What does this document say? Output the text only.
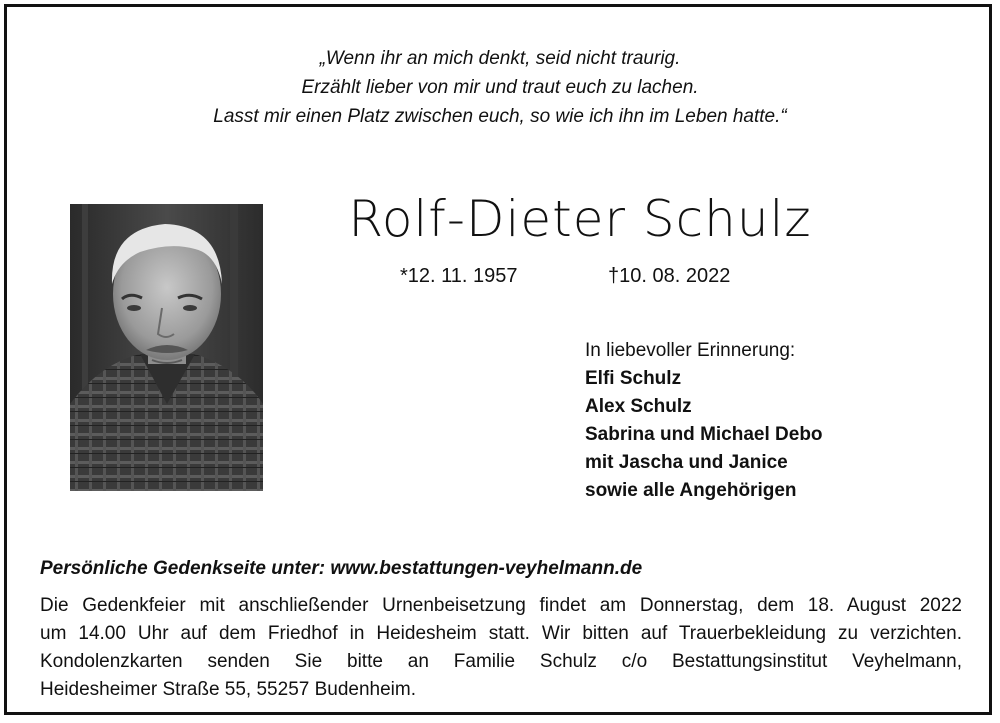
„Wenn ihr an mich denkt, seid nicht traurig.
Erzählt lieber von mir und traut euch zu lachen.
Lasst mir einen Platz zwischen euch, so wie ich ihn im Leben hatte.“
Rolf-Dieter Schulz
*12. 11. 1957	†10. 08. 2022
In liebevoller Erinnerung:
Elfi Schulz
Alex Schulz
Sabrina und Michael Debo
mit Jascha und Janice
sowie alle Angehörigen
Persönliche Gedenkseite unter: www.bestattungen-veyhelmann.de
Die Gedenkfeier mit anschließender Urnenbeisetzung findet am Donnerstag, dem 18. August 2022
um 14.00 Uhr auf dem Friedhof in Heidesheim statt. Wir bitten auf Trauerbekleidung zu verzichten.
Kondolenzkarten senden Sie bitte an Familie Schulz c/o Bestattungsinstitut Veyhelmann,
Heidesheimer Straße 55, 55257 Budenheim.
